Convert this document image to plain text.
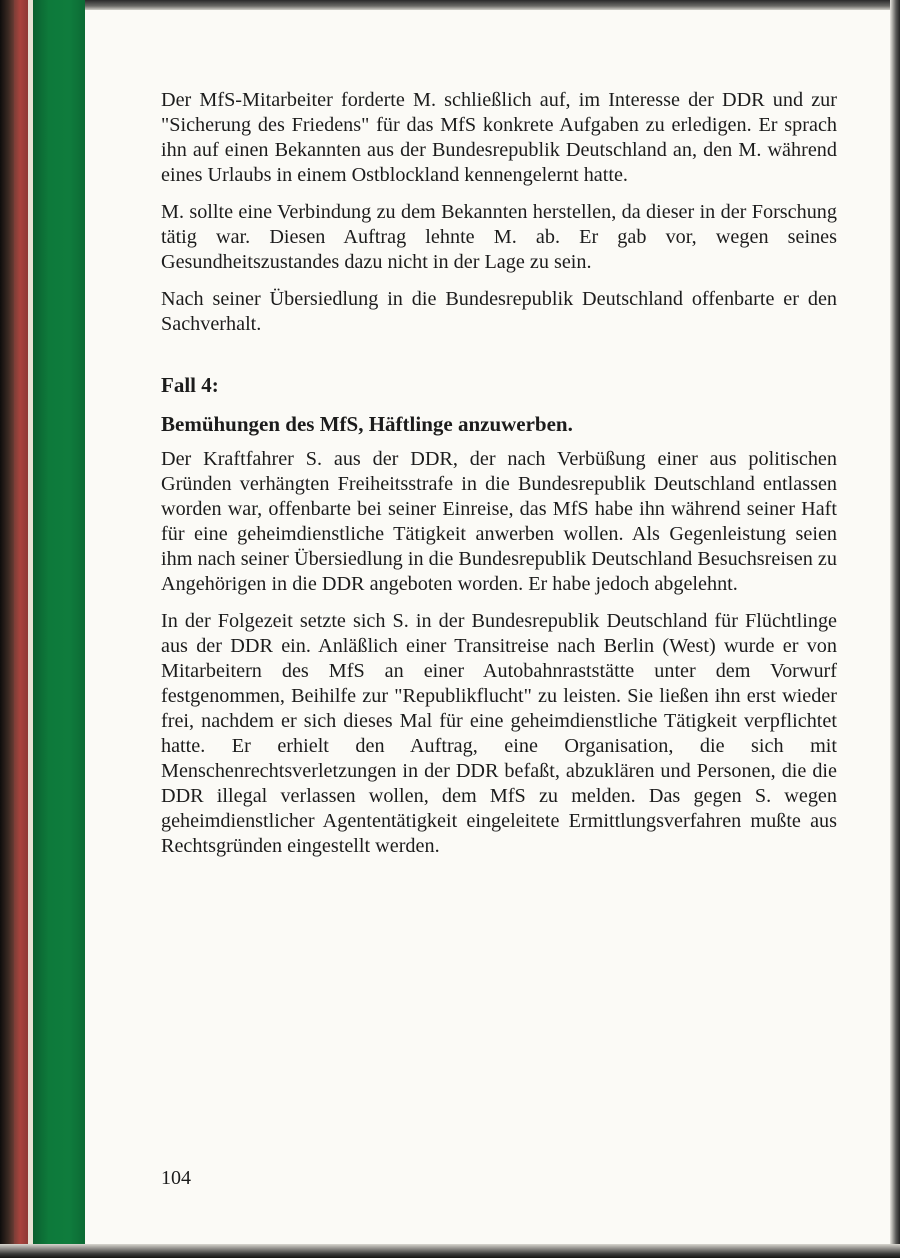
Der MfS-Mitarbeiter forderte M. schließlich auf, im Interesse der DDR und zur "Sicherung des Friedens" für das MfS konkrete Aufgaben zu erledigen. Er sprach ihn auf einen Bekannten aus der Bundesrepublik Deutschland an, den M. während eines Urlaubs in einem Ostblockland kennengelernt hatte.

M. sollte eine Verbindung zu dem Bekannten herstellen, da dieser in der Forschung tätig war. Diesen Auftrag lehnte M. ab. Er gab vor, wegen seines Gesundheitszustandes dazu nicht in der Lage zu sein.

Nach seiner Übersiedlung in die Bundesrepublik Deutschland offenbarte er den Sachverhalt.

Fall 4:
Bemühungen des MfS, Häftlinge anzuwerben.

Der Kraftfahrer S. aus der DDR, der nach Verbüßung einer aus politischen Gründen verhängten Freiheitsstrafe in die Bundesrepublik Deutschland entlassen worden war, offenbarte bei seiner Einreise, das MfS habe ihn während seiner Haft für eine geheimdienstliche Tätigkeit anwerben wollen. Als Gegenleistung seien ihm nach seiner Übersiedlung in die Bundesrepublik Deutschland Besuchsreisen zu Angehörigen in die DDR angeboten worden. Er habe jedoch abgelehnt.

In der Folgezeit setzte sich S. in der Bundesrepublik Deutschland für Flüchtlinge aus der DDR ein. Anläßlich einer Transitreise nach Berlin (West) wurde er von Mitarbeitern des MfS an einer Autobahnraststätte unter dem Vorwurf festgenommen, Beihilfe zur "Republikflucht" zu leisten. Sie ließen ihn erst wieder frei, nachdem er sich dieses Mal für eine geheimdienstliche Tätigkeit verpflichtet hatte. Er erhielt den Auftrag, eine Organisation, die sich mit Menschenrechtsverletzungen in der DDR befaßt, abzuklären und Personen, die die DDR illegal verlassen wollen, dem MfS zu melden. Das gegen S. wegen geheimdienstlicher Agententätigkeit eingeleitete Ermittlungsverfahren mußte aus Rechtsgründen eingestellt werden.

104
